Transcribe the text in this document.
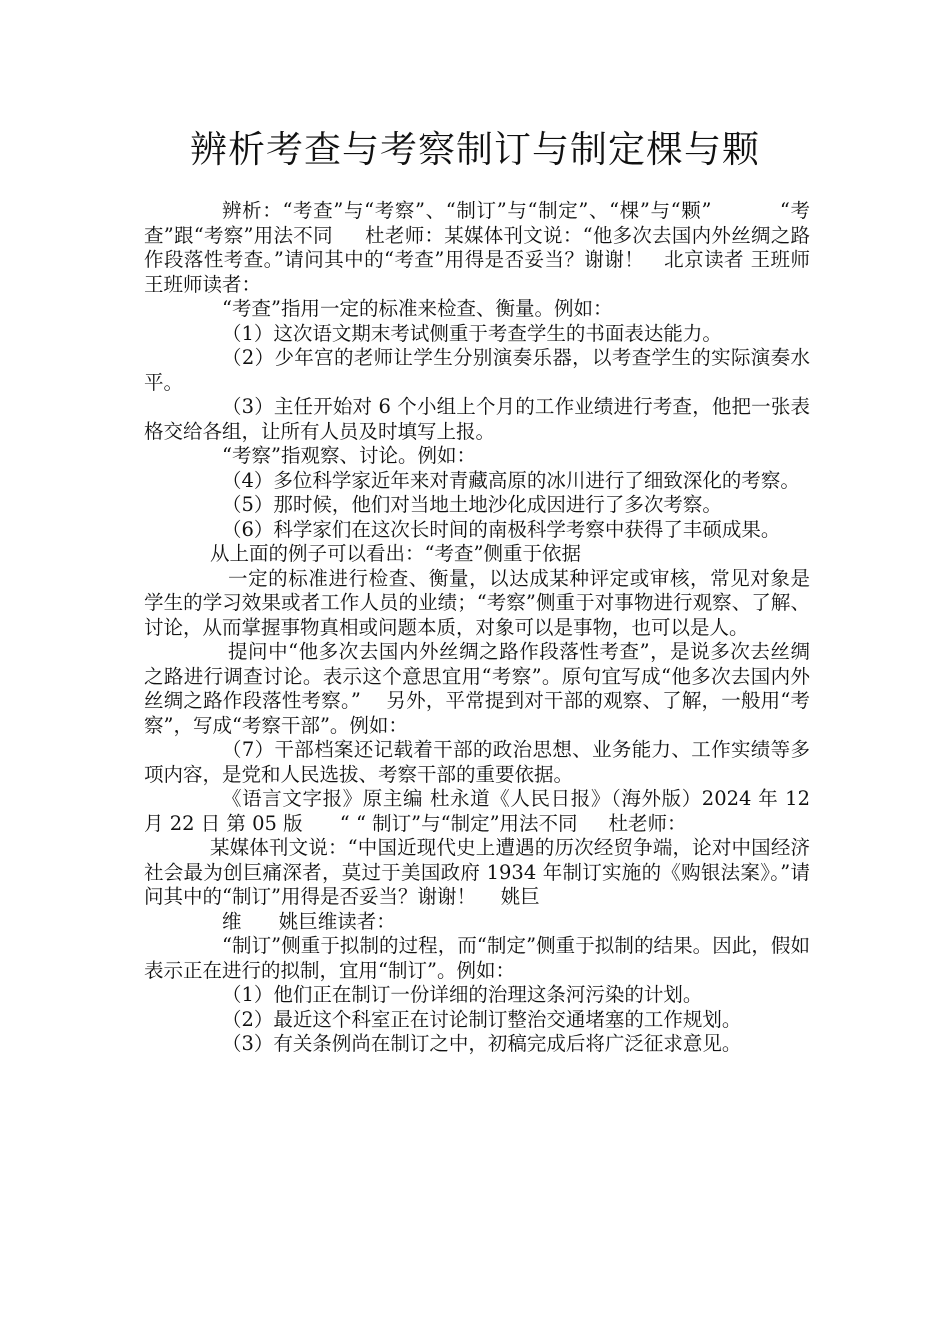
辨析考查与考察制订与制定棵与颗

辨析：“考查”与“考察”、“制订”与“制定”、“棵”与“颗”          “考查”跟“考察”用法不同     杜老师：某媒体刊文说：“他多次去国内外丝绸之路作段落性考查。”请问其中的“考查”用得是否妥当？谢谢！   北京读者 王班师   王班师读者：

“考查”指用一定的标准来检查、衡量。例如：

（1）这次语文期末考试侧重于考查学生的书面表达能力。

（2）少年宫的老师让学生分别演奏乐器，以考查学生的实际演奏水平。

（3）主任开始对 6 个小组上个月的工作业绩进行考查，他把一张表格交给各组，让所有人员及时填写上报。

“考察”指观察、讨论。例如：

（4）多位科学家近年来对青藏高原的冰川进行了细致深化的考察。

（5）那时候，他们对当地土地沙化成因进行了多次考察。

（6）科学家们在这次长时间的南极科学考察中获得了丰硕成果。

从上面的例子可以看出：“考查”侧重于依据

一定的标准进行检查、衡量，以达成某种评定或审核，常见对象是学生的学习效果或者工作人员的业绩；“考察”侧重于对事物进行观察、了解、讨论，从而掌握事物真相或问题本质，对象可以是事物，也可以是人。

提问中“他多次去国内外丝绸之路作段落性考查”，是说多次去丝绸之路进行调查讨论。表示这个意思宜用“考察”。原句宜写成“他多次去国内外丝绸之路作段落性考察。”    另外，平常提到对干部的观察、了解，一般用“考察”，写成“考察干部”。例如：

（7）干部档案还记载着干部的政治思想、业务能力、工作实绩等多项内容，是党和人民选拔、考察干部的重要依据。

《语言文字报》原主编 杜永道《人民日报》（海外版）2024 年 12 月 22 日 第 05 版      “ “ 制订”与“制定”用法不同     杜老师：

某媒体刊文说：“中国近现代史上遭遇的历次经贸争端，论对中国经济社会最为创巨痛深者，莫过于美国政府 1934 年制订实施的《购银法案》。”请问其中的“制订”用得是否妥当？谢谢！    姚巨

维      姚巨维读者：

“制订”侧重于拟制的过程，而“制定”侧重于拟制的结果。因此，假如表示正在进行的拟制，宜用“制订”。例如：

（1）他们正在制订一份详细的治理这条河污染的计划。

（2）最近这个科室正在讨论制订整治交通堵塞的工作规划。

（3）有关条例尚在制订之中，初稿完成后将广泛征求意见。
